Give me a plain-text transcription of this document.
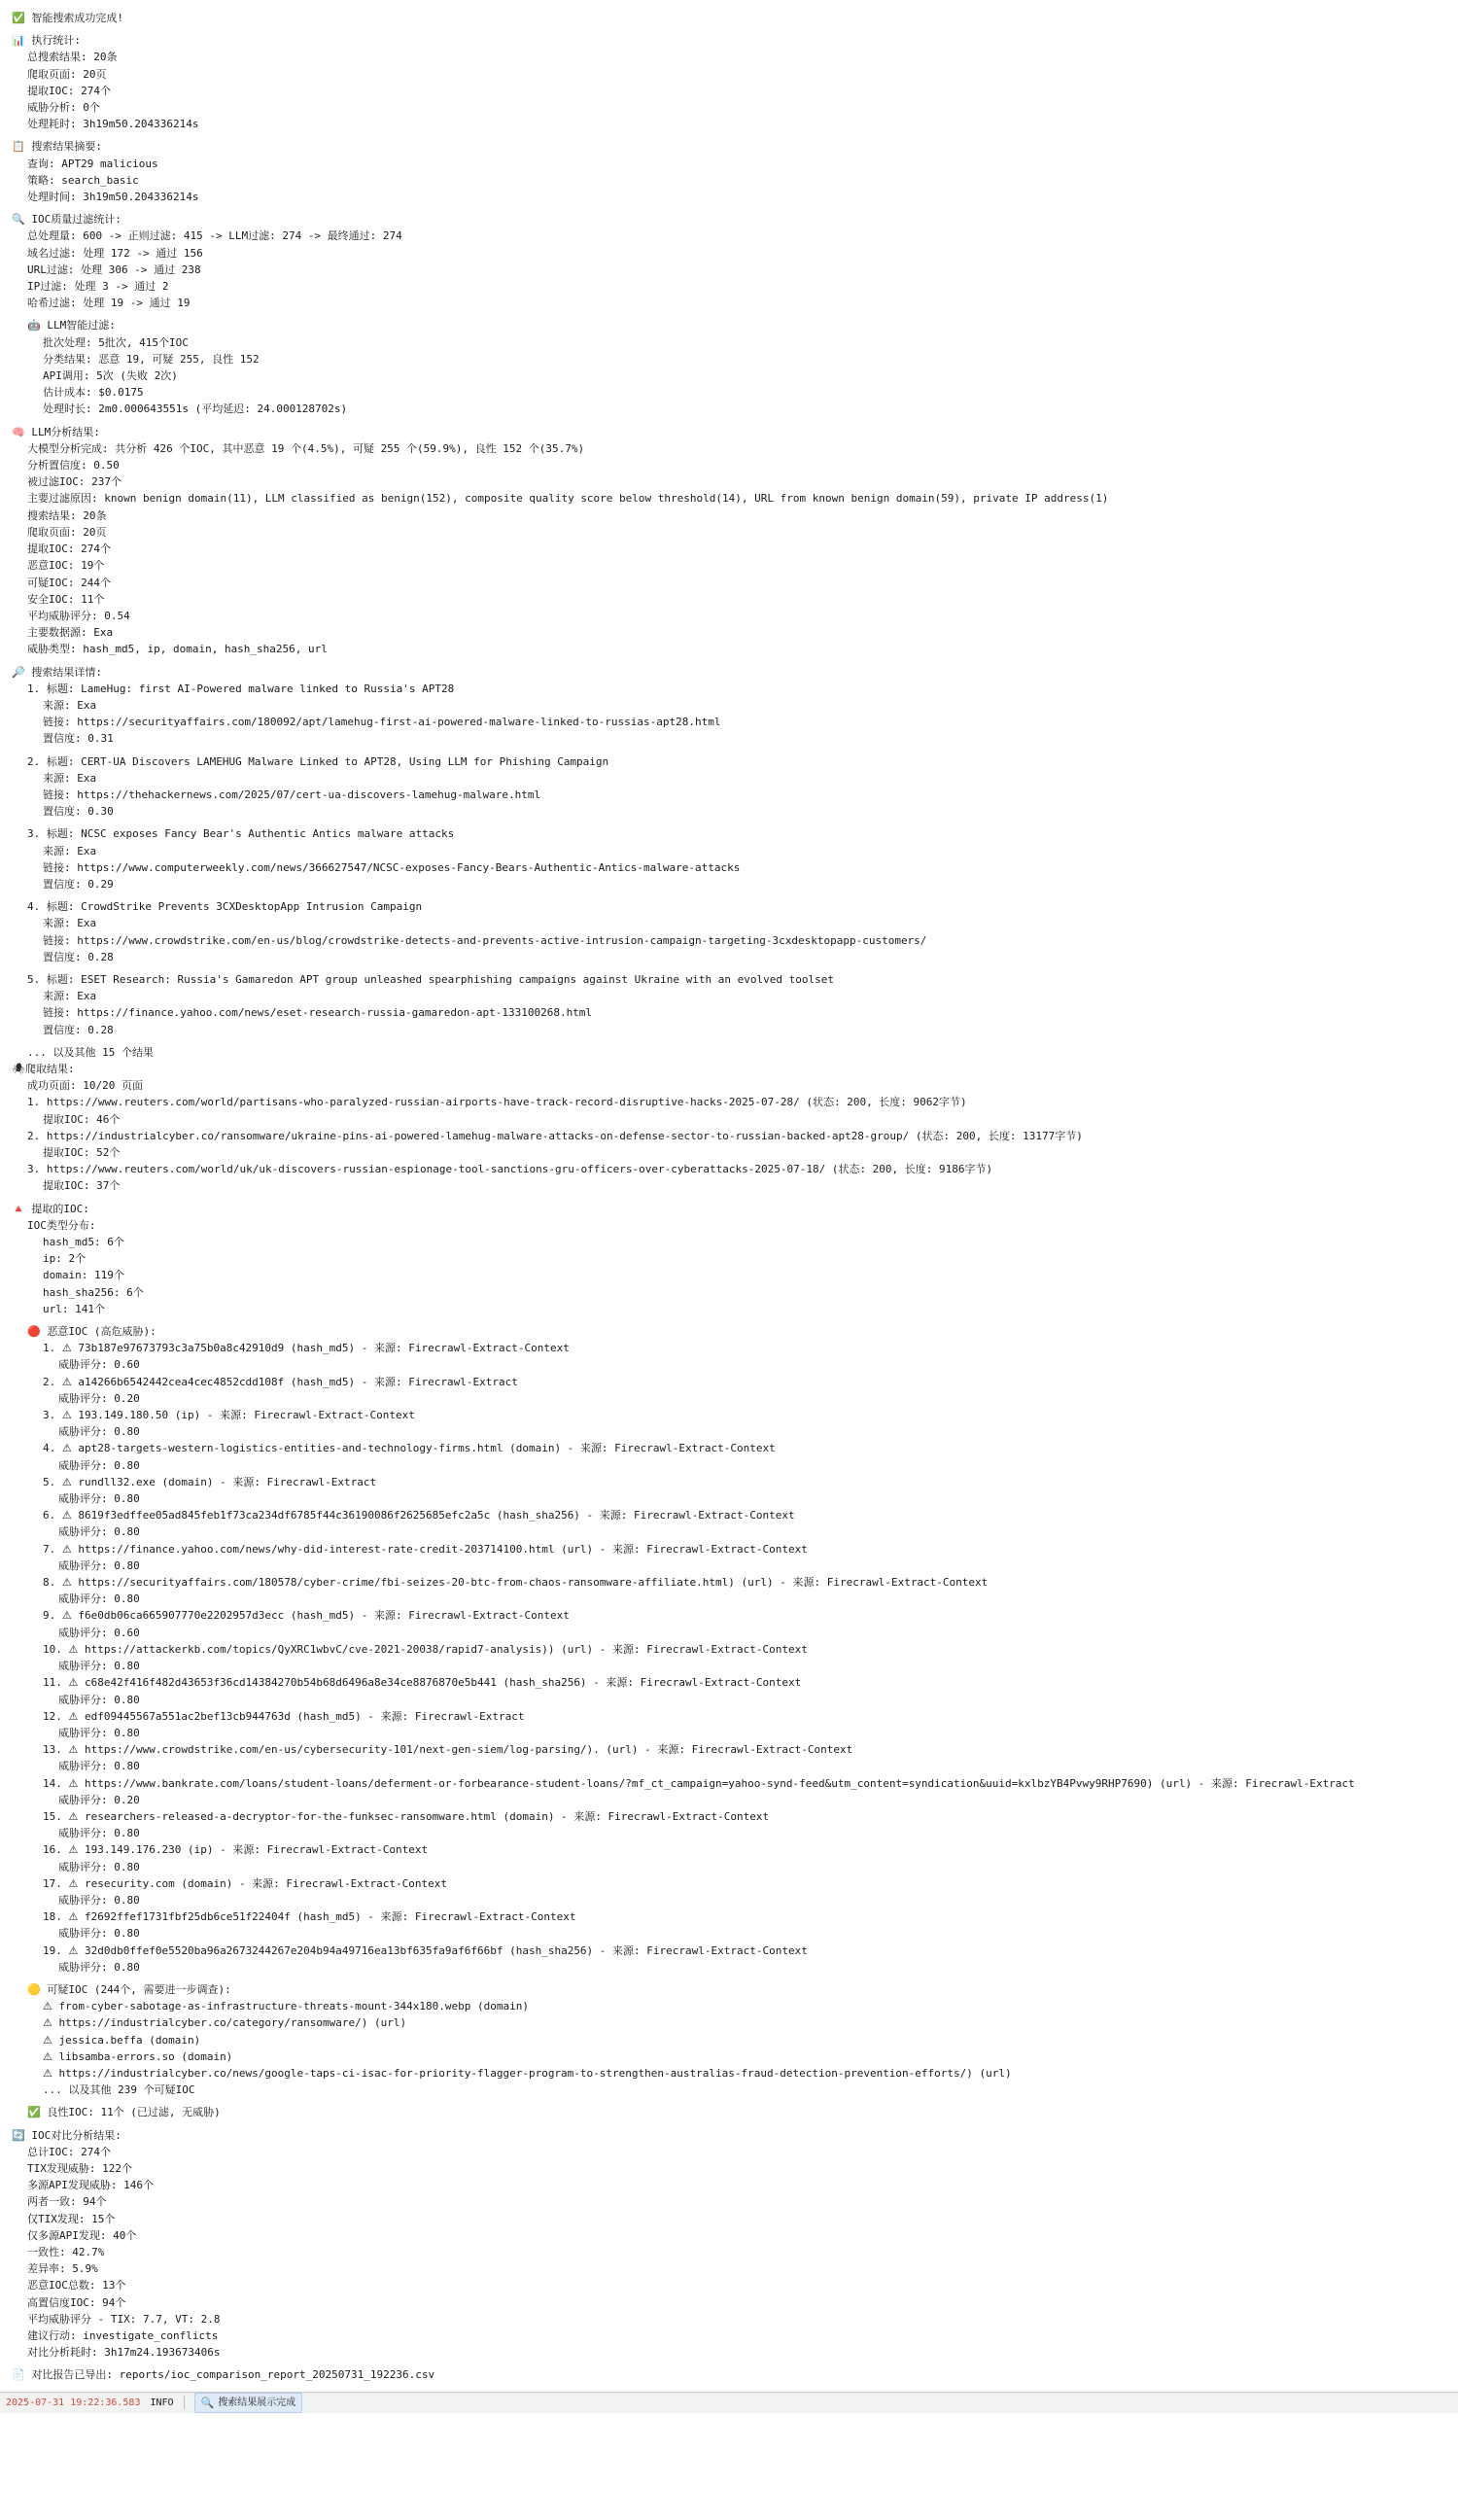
✅ 智能搜索成功完成!
📊 执行统计:
总搜索结果: 20条
爬取页面: 20页
提取IOC: 274个
威胁分析: 0个
处理耗时: 3h19m50.204336214s
📋 搜索结果摘要:
查询: APT29 malicious
策略: search_basic
处理时间: 3h19m50.204336214s
🔍 IOC质量过滤统计:
总处理量: 600 -> 正则过滤: 415 -> LLM过滤: 274 -> 最终通过: 274
域名过滤: 处理 172 -> 通过 156
URL过滤: 处理 306 -> 通过 238
IP过滤: 处理 3 -> 通过 2
哈希过滤: 处理 19 -> 通过 19
🤖 LLM智能过滤:
批次处理: 5批次, 415个IOC
分类结果: 恶意 19, 可疑 255, 良性 152
API调用: 5次 (失败 2次)
估计成本: $0.0175
处理时长: 2m0.000643551s (平均延迟: 24.000128702s)
🧠 LLM分析结果:
大模型分析完成: 共分析 426 个IOC, 其中恶意 19 个(4.5%), 可疑 255 个(59.9%), 良性 152 个(35.7%)
分析置信度: 0.50
被过滤IOC: 237个
主要过滤原因: known benign domain(11), LLM classified as benign(152), composite quality score below threshold(14), URL from known benign domain(59), private IP address(1)
搜索结果: 20条
爬取页面: 20页
提取IOC: 274个
恶意IOC: 19个
可疑IOC: 244个
安全IOC: 11个
平均威胁评分: 0.54
主要数据源: Exa
威胁类型: hash_md5, ip, domain, hash_sha256, url
🔎 搜索结果详情:
1. 标题: LameHug: first AI-Powered malware linked to Russia's APT28
来源: Exa
链接: https://securityaffairs.com/180092/apt/lamehug-first-ai-powered-malware-linked-to-russias-apt28.html
置信度: 0.31
2. 标题: CERT-UA Discovers LAMEHUG Malware Linked to APT28, Using LLM for Phishing Campaign
来源: Exa
链接: https://thehackernews.com/2025/07/cert-ua-discovers-lamehug-malware.html
置信度: 0.30
3. 标题: NCSC exposes Fancy Bear's Authentic Antics malware attacks
来源: Exa
链接: https://www.computerweekly.com/news/366627547/NCSC-exposes-Fancy-Bears-Authentic-Antics-malware-attacks
置信度: 0.29
4. 标题: CrowdStrike Prevents 3CXDesktopApp Intrusion Campaign
来源: Exa
链接: https://www.crowdstrike.com/en-us/blog/crowdstrike-detects-and-prevents-active-intrusion-campaign-targeting-3cxdesktopapp-customers/
置信度: 0.28
5. 标题: ESET Research: Russia's Gamaredon APT group unleashed spearphishing campaigns against Ukraine with an evolved toolset
来源: Exa
链接: https://finance.yahoo.com/news/eset-research-russia-gamaredon-apt-133100268.html
置信度: 0.28
... 以及其他 15 个结果
🕷爬取结果:
成功页面: 10/20 页面
1. https://www.reuters.com/world/partisans-who-paralyzed-russian-airports-have-track-record-disruptive-hacks-2025-07-28/ (状态: 200, 长度: 9062字节)
提取IOC: 46个
2. https://industrialcyber.co/ransomware/ukraine-pins-ai-powered-lamehug-malware-attacks-on-defense-sector-to-russian-backed-apt28-group/ (状态: 200, 长度: 13177字节)
提取IOC: 52个
3. https://www.reuters.com/world/uk/uk-discovers-russian-espionage-tool-sanctions-gru-officers-over-cyberattacks-2025-07-18/ (状态: 200, 长度: 9186字节)
提取IOC: 37个
🔺 提取的IOC:
IOC类型分布:
hash_md5: 6个
ip: 2个
domain: 119个
hash_sha256: 6个
url: 141个
🔴 恶意IOC (高危威胁):
1. ⚠ 73b187e97673793c3a75b0a8c42910d9 (hash_md5) - 来源: Firecrawl-Extract-Context
威胁评分: 0.60
2. ⚠ a14266b6542442cea4cec4852cdd108f (hash_md5) - 来源: Firecrawl-Extract
威胁评分: 0.20
3. ⚠ 193.149.180.50 (ip) - 来源: Firecrawl-Extract-Context
威胁评分: 0.80
4. ⚠ apt28-targets-western-logistics-entities-and-technology-firms.html (domain) - 来源: Firecrawl-Extract-Context
威胁评分: 0.80
5. ⚠ rundll32.exe (domain) - 来源: Firecrawl-Extract
威胁评分: 0.80
6. ⚠ 8619f3edffee05ad845feb1f73ca234df6785f44c36190086f2625685efc2a5c (hash_sha256) - 来源: Firecrawl-Extract-Context
威胁评分: 0.80
7. ⚠ https://finance.yahoo.com/news/why-did-interest-rate-credit-203714100.html (url) - 来源: Firecrawl-Extract-Context
威胁评分: 0.80
8. ⚠ https://securityaffairs.com/180578/cyber-crime/fbi-seizes-20-btc-from-chaos-ransomware-affiliate.html) (url) - 来源: Firecrawl-Extract-Context
威胁评分: 0.80
9. ⚠ f6e0db06ca665907770e2202957d3ecc (hash_md5) - 来源: Firecrawl-Extract-Context
威胁评分: 0.60
10. ⚠ https://attackerkb.com/topics/QyXRC1wbvC/cve-2021-20038/rapid7-analysis)) (url) - 来源: Firecrawl-Extract-Context
威胁评分: 0.80
11. ⚠ c68e42f416f482d43653f36cd14384270b54b68d6496a8e34ce8876870e5b441 (hash_sha256) - 来源: Firecrawl-Extract-Context
威胁评分: 0.80
12. ⚠ edf09445567a551ac2bef13cb944763d (hash_md5) - 来源: Firecrawl-Extract
威胁评分: 0.80
13. ⚠ https://www.crowdstrike.com/en-us/cybersecurity-101/next-gen-siem/log-parsing/). (url) - 来源: Firecrawl-Extract-Context
威胁评分: 0.80
14. ⚠ https://www.bankrate.com/loans/student-loans/deferment-or-forbearance-student-loans/?mf_ct_campaign=yahoo-synd-feed&utm_content=syndication&uuid=kxlbzYB4Pvwy9RHP7690) (url) - 来源: Firecrawl-Extract
威胁评分: 0.20
15. ⚠ researchers-released-a-decryptor-for-the-funksec-ransomware.html (domain) - 来源: Firecrawl-Extract-Context
威胁评分: 0.80
16. ⚠ 193.149.176.230 (ip) - 来源: Firecrawl-Extract-Context
威胁评分: 0.80
17. ⚠ resecurity.com (domain) - 来源: Firecrawl-Extract-Context
威胁评分: 0.80
18. ⚠ f2692ffef1731fbf25db6ce51f22404f (hash_md5) - 来源: Firecrawl-Extract-Context
威胁评分: 0.80
19. ⚠ 32d0db0ffef0e5520ba96a2673244267e204b94a49716ea13bf635fa9af6f66bf (hash_sha256) - 来源: Firecrawl-Extract-Context
威胁评分: 0.80
🟡 可疑IOC (244个, 需要进一步调查):
⚠ from-cyber-sabotage-as-infrastructure-threats-mount-344x180.webp (domain)
⚠ https://industrialcyber.co/category/ransomware/) (url)
⚠ jessica.beffa (domain)
⚠ libsamba-errors.so (domain)
⚠ https://industrialcyber.co/news/google-taps-ci-isac-for-priority-flagger-program-to-strengthen-australias-fraud-detection-prevention-efforts/) (url)
... 以及其他 239 个可疑IOC
✅ 良性IOC: 11个 (已过滤, 无威胁)
🔄 IOC对比分析结果:
总计IOC: 274个
TIX发现威胁: 122个
多源API发现威胁: 146个
两者一致: 94个
仅TIX发现: 15个
仅多源API发现: 40个
一致性: 42.7%
差异率: 5.9%
恶意IOC总数: 13个
高置信度IOC: 94个
平均威胁评分 - TIX: 7.7, VT: 2.8
建议行动: investigate_conflicts
对比分析耗时: 3h17m24.193673406s
📄 对比报告已导出: reports/ioc_comparison_report_20250731_192236.csv
2025-07-31 19:22:36.583 INFO	🔍 搜索结果展示完成
